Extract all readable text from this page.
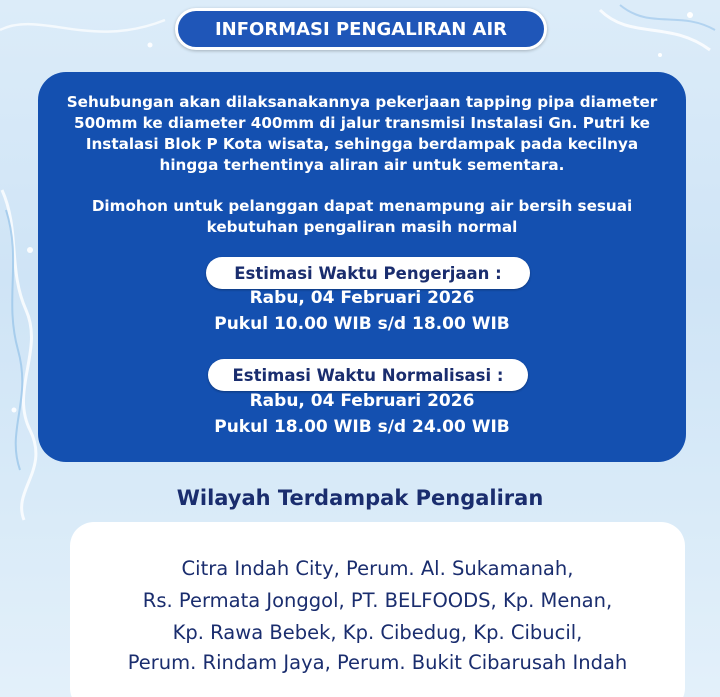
INFORMASI PENGALIRAN AIR
Sehubungan akan dilaksanakannya pekerjaan tapping pipa diameter
500mm ke diameter 400mm di jalur transmisi Instalasi Gn. Putri ke
Instalasi Blok P Kota wisata, sehingga berdampak pada kecilnya
hingga terhentinya aliran air untuk sementara.
Dimohon untuk pelanggan dapat menampung air bersih sesuai
kebutuhan pengaliran masih normal
Estimasi Waktu Pengerjaan :
Rabu, 04 Februari 2026
Pukul 10.00 WIB s/d 18.00 WIB
Estimasi Waktu Normalisasi :
Rabu, 04 Februari 2026
Pukul 18.00 WIB s/d 24.00 WIB
Wilayah Terdampak Pengaliran
Citra Indah City, Perum. Al. Sukamanah,
Rs. Permata Jonggol, PT. BELFOODS, Kp. Menan,
Kp. Rawa Bebek, Kp. Cibedug, Kp. Cibucil,
Perum. Rindam Jaya, Perum. Bukit Cibarusah Indah
